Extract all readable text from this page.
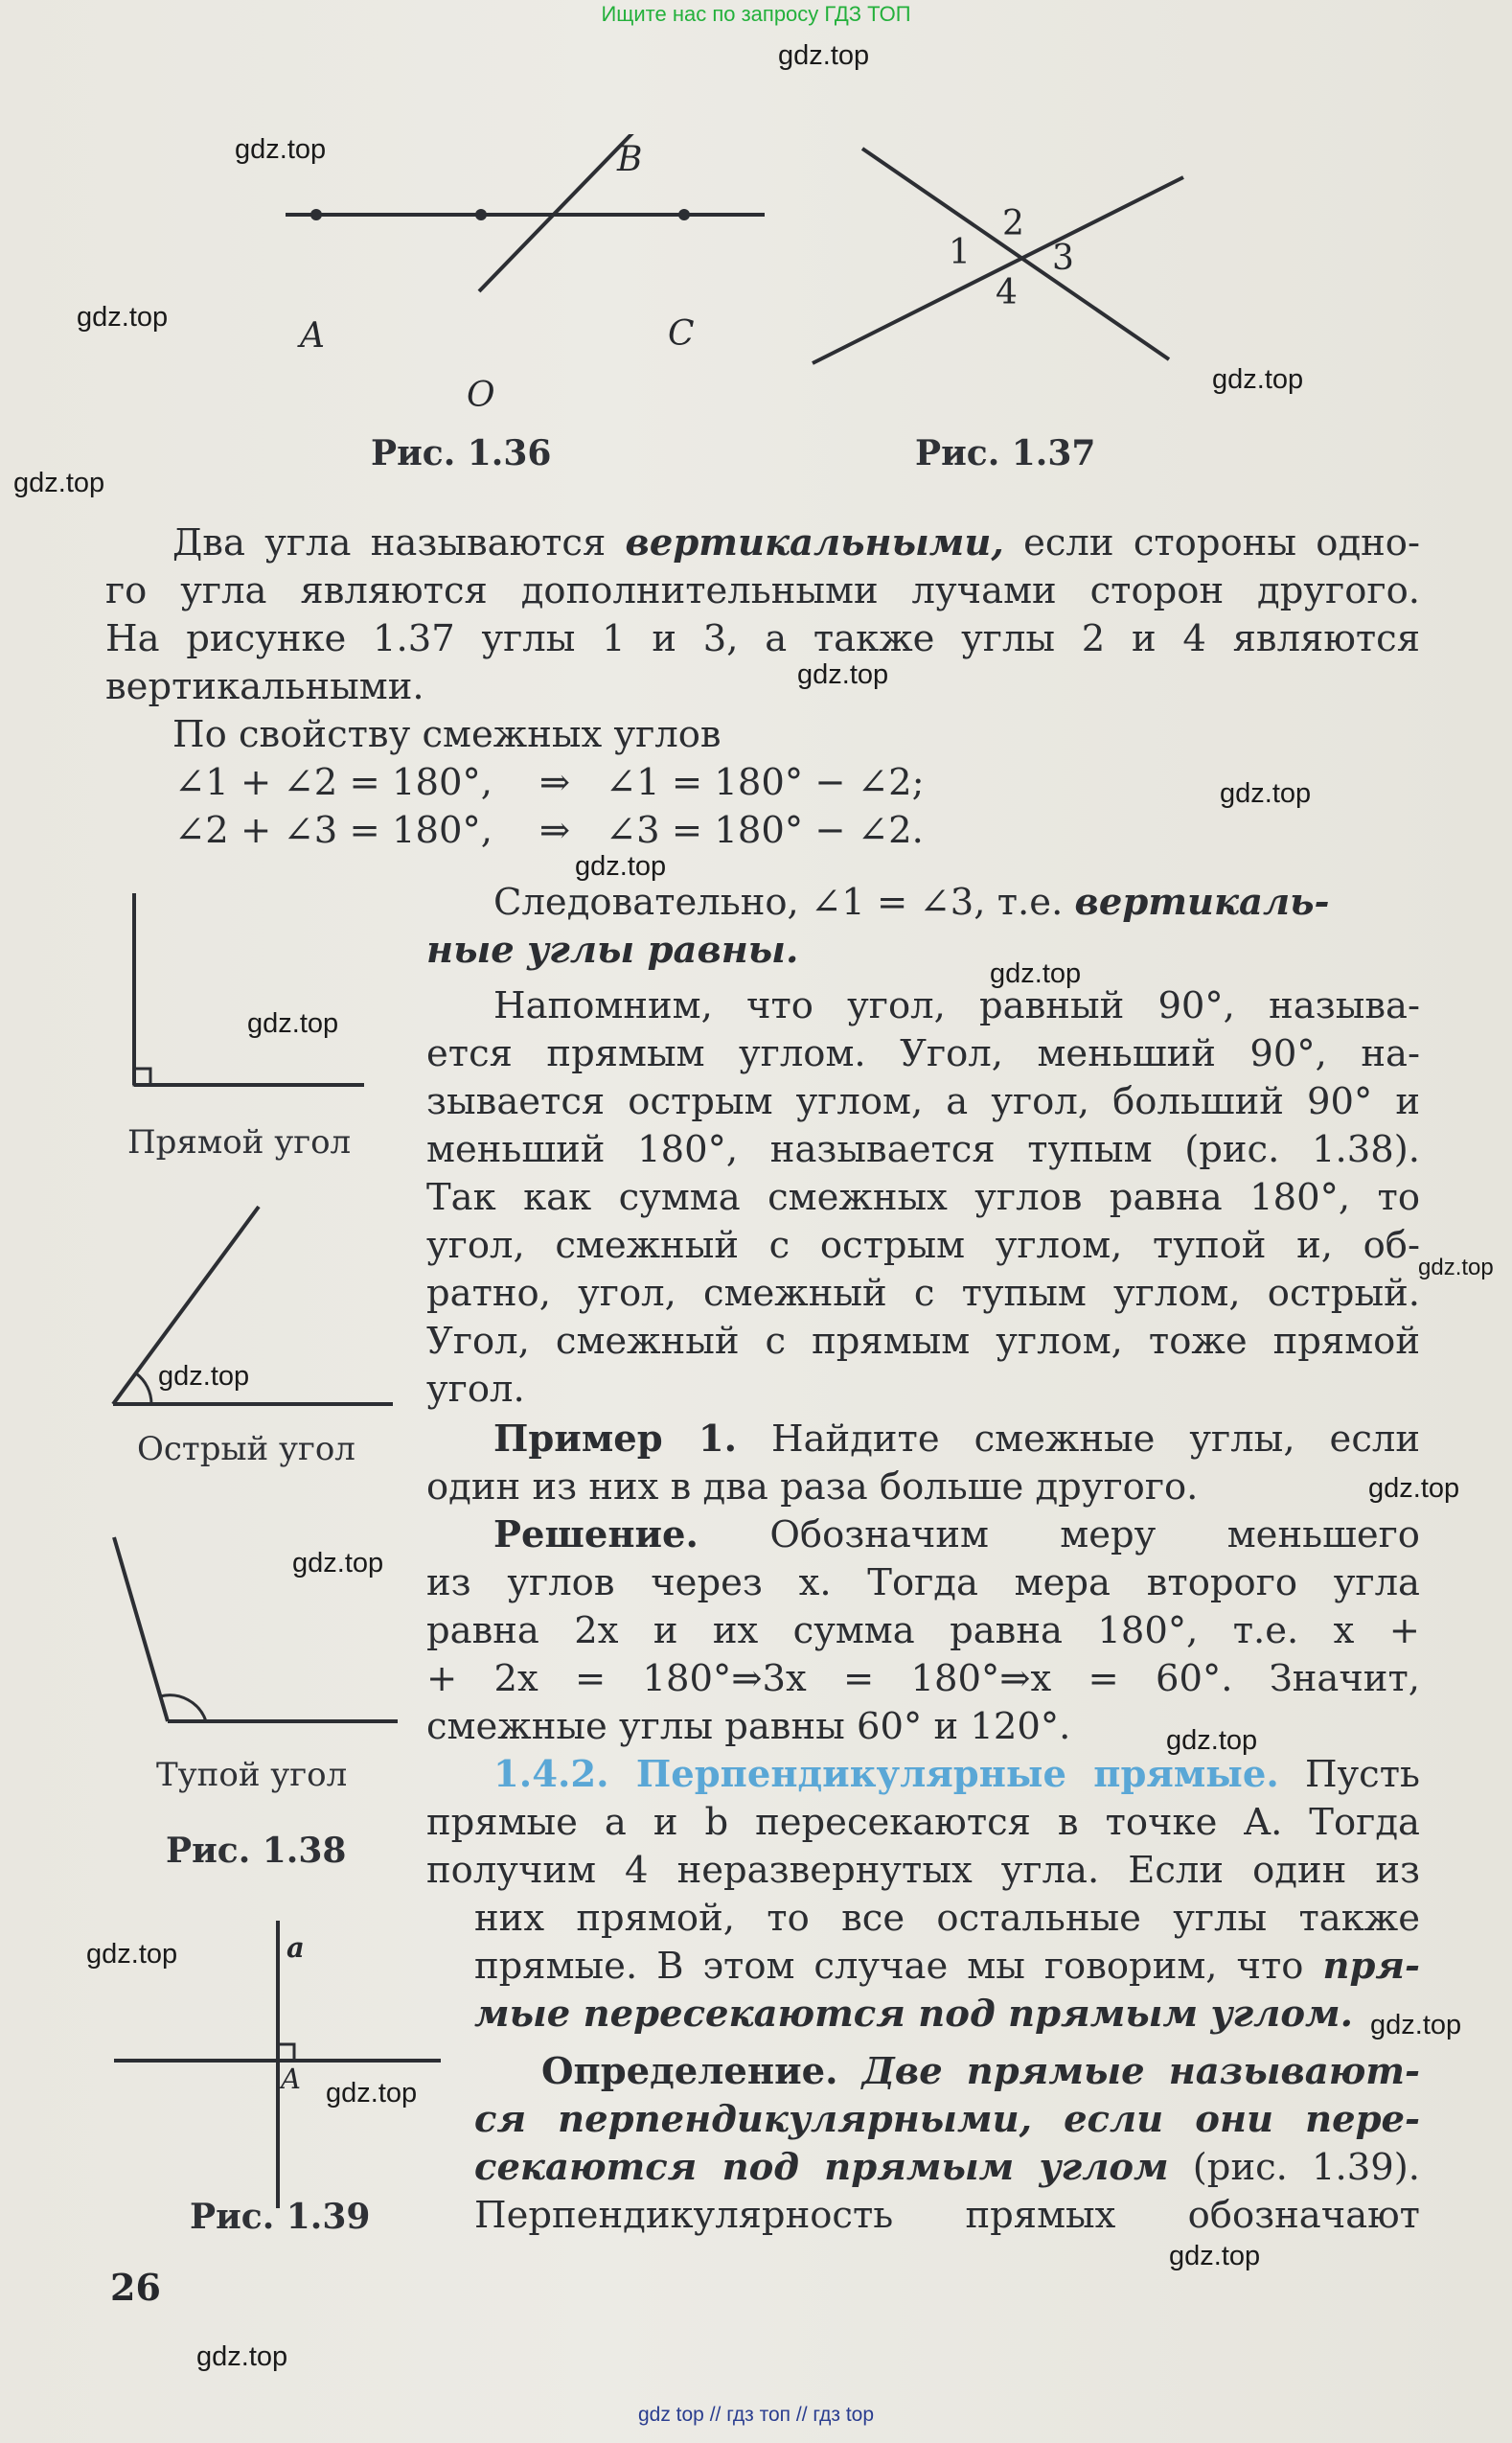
Ищите нас по запросу ГДЗ ТОП
A
B
C
O
Рис. 1.36
1
2
3
4
Рис. 1.37
Два угла называются вертикальными, если стороны одно-
го угла являются дополнительными лучами сторон другого.
На рисунке 1.37 углы 1 и 3, а также углы 2 и 4 являются
вертикальными.
По свойству смежных углов
∠1 + ∠2 = 180°,    ⇒   ∠1 = 180° − ∠2;
∠2 + ∠3 = 180°,    ⇒   ∠3 = 180° − ∠2.
Прямой угол
Острый угол
Тупой угол
Рис. 1.38
Следовательно, ∠1 = ∠3, т.е. вертикаль-
ные углы равны.
Напомним, что угол, равный 90°, называ-
ется прямым углом. Угол, меньший 90°, на-
зывается острым углом, а угол, больший 90° и
меньший 180°, называется тупым (рис. 1.38).
Так как сумма смежных углов равна 180°, то
угол, смежный с острым углом, тупой и, об-
ратно, угол, смежный с тупым углом, острый.
Угол, смежный с прямым углом, тоже прямой
угол.
Пример 1. Найдите смежные углы, если
один из них в два раза больше другого.
Решение. Обозначим меру меньшего
из углов через x. Тогда мера второго угла
равна 2x и их сумма равна 180°, т.е. x +
+ 2x = 180°⇒3x = 180°⇒x = 60°. Значит,
смежные углы равны 60° и 120°.
1.4.2. Перпендикулярные прямые. Пусть
прямые a и b пересекаются в точке A. Тогда
получим 4 неразвернутых угла. Если один из
них прямой, то все остальные углы также
прямые. В этом случае мы говорим, что пря-
мые пересекаются под прямым углом.
Определение. Две прямые называют-
ся перпендикулярными, если они пере-
секаются под прямым углом (рис. 1.39).
Перпендикулярность прямых обозначают
a
A
Рис. 1.39
26
gdz.top
gdz.top
gdz.top
gdz.top
gdz.top
gdz.top
gdz.top
gdz.top
gdz.top
gdz.top
gdz.top
gdz.top
gdz.top
gdz.top
gdz.top
gdz.top
gdz.top
gdz.top
gdz.top
gdz.top
gdz top // гдз топ // гдз top
